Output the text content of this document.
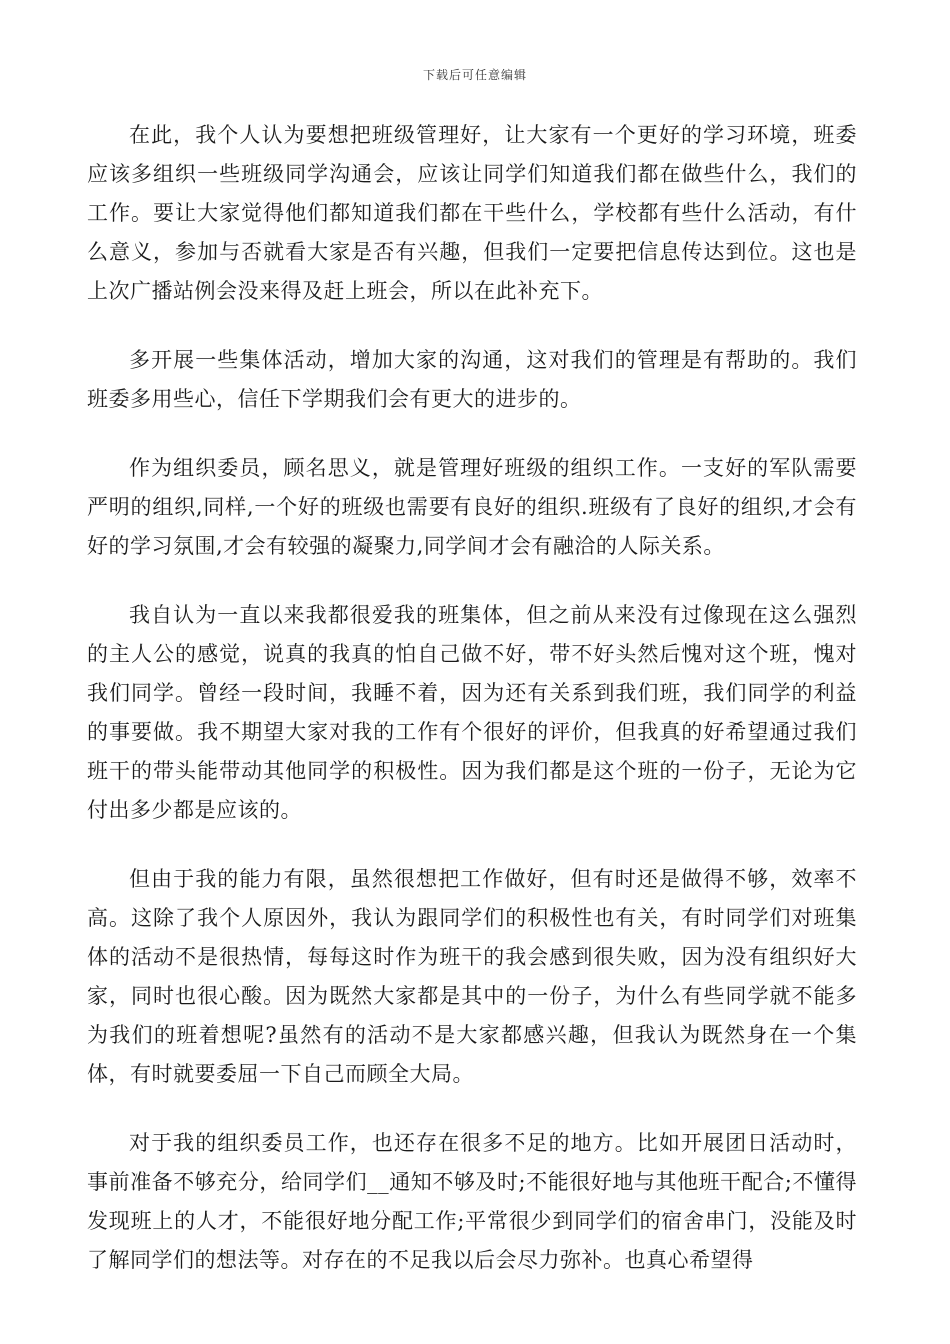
下载后可任意编辑

在此，我个人认为要想把班级管理好，让大家有一个更好的学习环境，班委应该多组织一些班级同学沟通会，应该让同学们知道我们都在做些什么，我们的工作。要让大家觉得他们都知道我们都在干些什么，学校都有些什么活动，有什么意义，参加与否就看大家是否有兴趣，但我们一定要把信息传达到位。这也是上次广播站例会没来得及赶上班会，所以在此补充下。

多开展一些集体活动，增加大家的沟通，这对我们的管理是有帮助的。我们班委多用些心，信任下学期我们会有更大的进步的。

作为组织委员，顾名思义，就是管理好班级的组织工作。一支好的军队需要严明的组织,同样,一个好的班级也需要有良好的组织.班级有了良好的组织,才会有好的学习氛围,才会有较强的凝聚力,同学间才会有融洽的人际关系。

我自认为一直以来我都很爱我的班集体，但之前从来没有过像现在这么强烈的主人公的感觉，说真的我真的怕自己做不好，带不好头然后愧对这个班，愧对我们同学。曾经一段时间，我睡不着，因为还有关系到我们班，我们同学的利益的事要做。我不期望大家对我的工作有个很好的评价，但我真的好希望通过我们班干的带头能带动其他同学的积极性。因为我们都是这个班的一份子，无论为它付出多少都是应该的。

但由于我的能力有限，虽然很想把工作做好，但有时还是做得不够，效率不高。这除了我个人原因外，我认为跟同学们的积极性也有关，有时同学们对班集体的活动不是很热情，每每这时作为班干的我会感到很失败，因为没有组织好大家，同时也很心酸。因为既然大家都是其中的一份子，为什么有些同学就不能多为我们的班着想呢?虽然有的活动不是大家都感兴趣，但我认为既然身在一个集体，有时就要委屈一下自己而顾全大局。

对于我的组织委员工作，也还存在很多不足的地方。比如开展团日活动时，事前准备不够充分，给同学们__通知不够及时;不能很好地与其他班干配合;不懂得发现班上的人才，不能很好地分配工作;平常很少到同学们的宿舍串门，没能及时了解同学们的想法等。对存在的不足我以后会尽力弥补。也真心希望得
